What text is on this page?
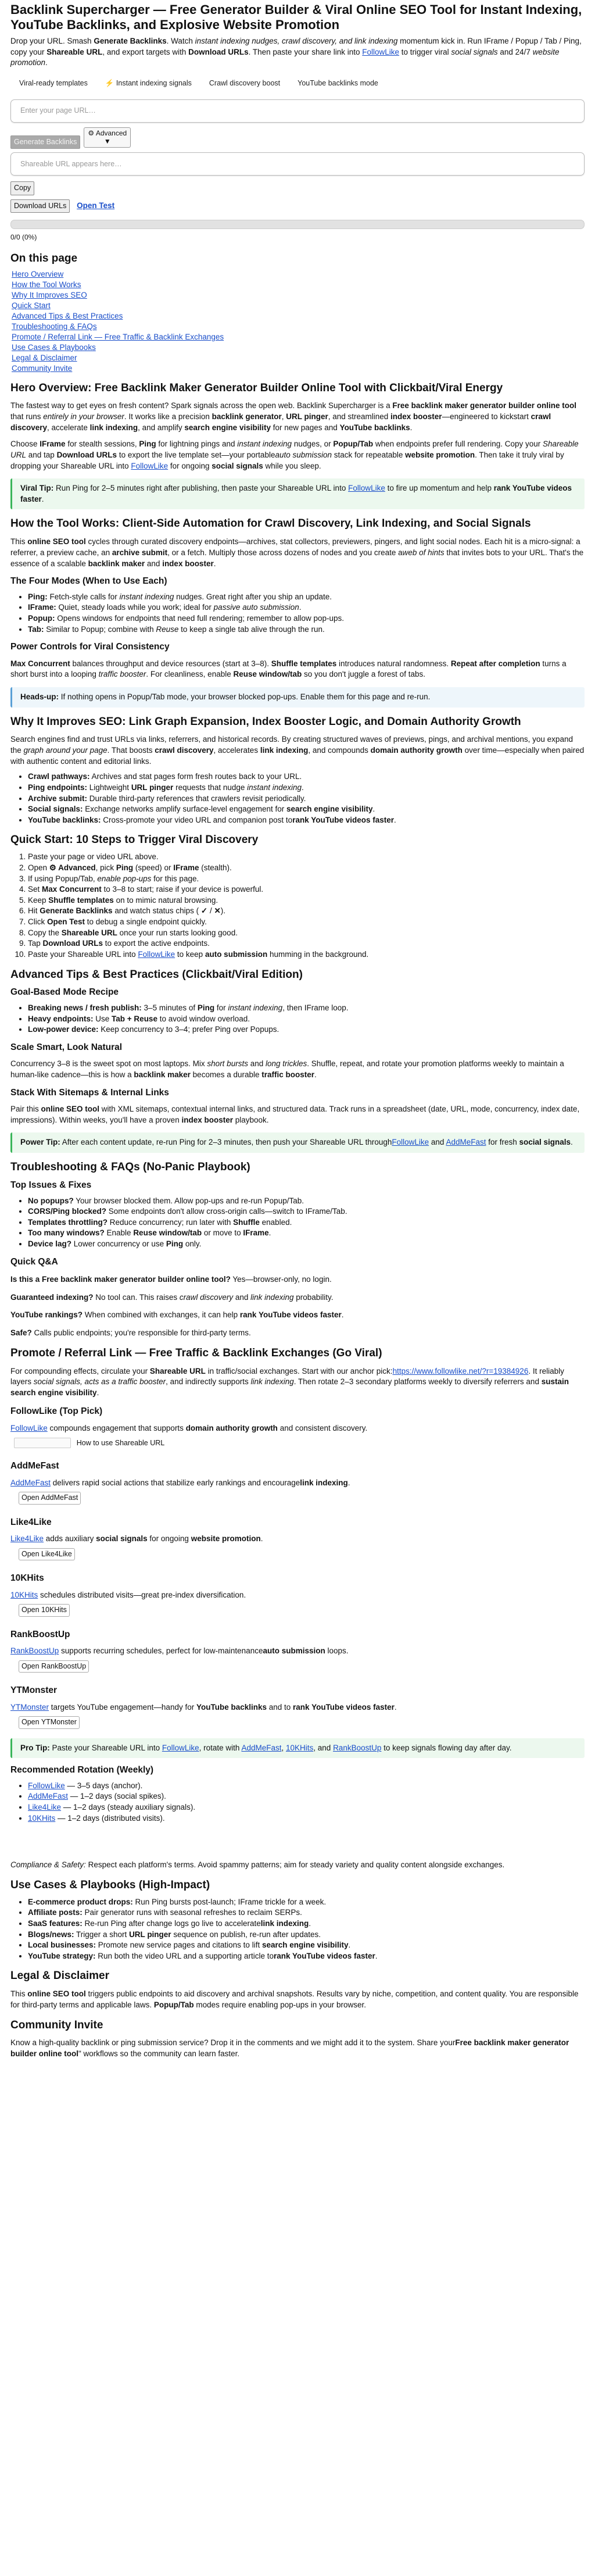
Backlink Supercharger — Free Generator Builder & Viral Online SEO Tool for Instant Indexing, YouTube Backlinks, and Explosive Website Promotion

Drop your URL. Smash Generate Backlinks. Watch instant indexing nudges, crawl discovery, and link indexing momentum kick in. Run IFrame / Popup / Tab / Ping, copy your Shareable URL, and export targets with Download URLs. Then paste your share link into FollowLike to trigger viral social signals and 24/7 website promotion.

Viral-ready templates	⚡ Instant indexing signals	Crawl discovery boost	YouTube backlinks mode
Enter your page URL…
Generate Backlinks
⚙ Advanced
▼
Shareable URL appears here…
Copy
Download URLs Open Test

0/0 (0%)

On this page
Hero Overview
How the Tool Works
Why It Improves SEO
Quick Start
Advanced Tips & Best Practices
Troubleshooting & FAQs
Promote / Referral Link — Free Traffic & Backlink Exchanges
Use Cases & Playbooks
Legal & Disclaimer
Community Invite
Hero Overview: Free Backlink Maker Generator Builder Online Tool with Clickbait/Viral Energy

The fastest way to get eyes on fresh content? Spark signals across the open web. Backlink Supercharger is a Free backlink maker generator builder online tool that runs entirely in your browser. It works like a precision backlink generator, URL pinger, and streamlined index booster—engineered to kickstart crawl discovery, accelerate link indexing, and amplify search engine visibility for new pages and YouTube backlinks.

Choose IFrame for stealth sessions, Ping for lightning pings and instant indexing nudges, or Popup/Tab when endpoints prefer full rendering. Copy your Shareable URL and tap Download URLs to export the live template set—your portableauto submission stack for repeatable website promotion. Then take it truly viral by dropping your Shareable URL into FollowLike for ongoing social signals while you sleep.

Viral Tip: Run Ping for 2–5 minutes right after publishing, then paste your Shareable URL into FollowLike to fire up momentum and help rank YouTube videos faster.
How the Tool Works: Client-Side Automation for Crawl Discovery, Link Indexing, and Social Signals

This online SEO tool cycles through curated discovery endpoints—archives, stat collectors, previewers, pingers, and light social nodes. Each hit is a micro-signal: a referrer, a preview cache, an archive submit, or a fetch. Multiply those across dozens of nodes and you create aweb of hints that invites bots to your URL. That's the essence of a scalable backlink maker and index booster.

The Four Modes (When to Use Each)
• Ping: Fetch-style calls for instant indexing nudges. Great right after you ship an update.
• IFrame: Quiet, steady loads while you work; ideal for passive auto submission.
• Popup: Opens windows for endpoints that need full rendering; remember to allow pop-ups.
• Tab: Similar to Popup; combine with Reuse to keep a single tab alive through the run.
Power Controls for Viral Consistency

Max Concurrent balances throughput and device resources (start at 3–8). Shuffle templates introduces natural randomness. Repeat after completion turns a short burst into a looping traffic booster. For cleanliness, enable Reuse window/tab so you don't juggle a forest of tabs.

Heads-up: If nothing opens in Popup/Tab mode, your browser blocked pop-ups. Enable them for this page and re-run.
Why It Improves SEO: Link Graph Expansion, Index Booster Logic, and Domain Authority Growth

Search engines find and trust URLs via links, referrers, and historical records. By creating structured waves of previews, pings, and archival mentions, you expand the graph around your page. That boosts crawl discovery, accelerates link indexing, and compounds domain authority growth over time—especially when paired with authentic content and editorial links.

• Crawl pathways: Archives and stat pages form fresh routes back to your URL.
• Ping endpoints: Lightweight URL pinger requests that nudge instant indexing.
• Archive submit: Durable third-party references that crawlers revisit periodically.
• Social signals: Exchange networks amplify surface-level engagement for search engine visibility.
• YouTube backlinks: Cross-promote your video URL and companion post torank YouTube videos faster.
Quick Start: 10 Steps to Trigger Viral Discovery
1. Paste your page or video URL above.
2. Open ⚙ Advanced, pick Ping (speed) or IFrame (stealth).
3. If using Popup/Tab, enable pop-ups for this page.
4. Set Max Concurrent to 3–8 to start; raise if your device is powerful.
5. Keep Shuffle templates on to mimic natural browsing.
6. Hit Generate Backlinks and watch status chips ( ✓ / ✕).
7. Click Open Test to debug a single endpoint quickly.
8. Copy the Shareable URL once your run starts looking good.
9. Tap Download URLs to export the active endpoints.
10. Paste your Shareable URL into FollowLike to keep auto submission humming in the background.
Advanced Tips & Best Practices (Clickbait/Viral Edition)
Goal-Based Mode Recipe
• Breaking news / fresh publish: 3–5 minutes of Ping for instant indexing, then IFrame loop.
• Heavy endpoints: Use Tab + Reuse to avoid window overload.
• Low-power device: Keep concurrency to 3–4; prefer Ping over Popups.
Scale Smart, Look Natural

Concurrency 3–8 is the sweet spot on most laptops. Mix short bursts and long trickles. Shuffle, repeat, and rotate your promotion platforms weekly to maintain a human-like cadence—this is how a backlink maker becomes a durable traffic booster.

Stack With Sitemaps & Internal Links

Pair this online SEO tool with XML sitemaps, contextual internal links, and structured data. Track runs in a spreadsheet (date, URL, mode, concurrency, index date, impressions). Within weeks, you'll have a proven index booster playbook.

Power Tip: After each content update, re-run Ping for 2–3 minutes, then push your Shareable URL throughFollowLike and AddMeFast for fresh social signals.
Troubleshooting & FAQs (No-Panic Playbook)
Top Issues & Fixes
• No popups? Your browser blocked them. Allow pop-ups and re-run Popup/Tab.
• CORS/Ping blocked? Some endpoints don't allow cross-origin calls—switch to IFrame/Tab.
• Templates throttling? Reduce concurrency; run later with Shuffle enabled.
• Too many windows? Enable Reuse window/tab or move to IFrame.
• Device lag? Lower concurrency or use Ping only.
Quick Q&A

Is this a Free backlink maker generator builder online tool? Yes—browser-only, no login.

Guaranteed indexing? No tool can. This raises crawl discovery and link indexing probability.

YouTube rankings? When combined with exchanges, it can help rank YouTube videos faster.

Safe? Calls public endpoints; you're responsible for third-party terms.

Promote / Referral Link — Free Traffic & Backlink Exchanges (Go Viral)

For compounding effects, circulate your Shareable URL in traffic/social exchanges. Start with our anchor pick:https://www.followlike.net/?r=19384926. It reliably layers social signals, acts as a traffic booster, and indirectly supports link indexing. Then rotate 2–3 secondary platforms weekly to diversify referrers and sustain search engine visibility.

FollowLike (Top Pick)

FollowLike compounds engagement that supports domain authority growth and consistent discovery.

How to use Shareable URL

AddMeFast

AddMeFast delivers rapid social actions that stabilize early rankings and encouragelink indexing.

Open AddMeFast

Like4Like

Like4Like adds auxiliary social signals for ongoing website promotion.

Open Like4Like

10KHits

10KHits schedules distributed visits—great pre-index diversification.

Open 10KHits

RankBoostUp

RankBoostUp supports recurring schedules, perfect for low-maintenanceauto submission loops.

Open RankBoostUp

YTMonster

YTMonster targets YouTube engagement—handy for YouTube backlinks and to rank YouTube videos faster.

Open YTMonster

Pro Tip: Paste your Shareable URL into FollowLike, rotate with AddMeFast, 10KHits, and RankBoostUp to keep signals flowing day after day.
Recommended Rotation (Weekly)
• FollowLike — 3–5 days (anchor).
• AddMeFast — 1–2 days (social spikes).
• Like4Like — 1–2 days (steady auxiliary signals).
• 10KHits — 1–2 days (distributed visits).

Compliance & Safety: Respect each platform's terms. Avoid spammy patterns; aim for steady variety and quality content alongside exchanges.

Use Cases & Playbooks (High-Impact)
• E-commerce product drops: Run Ping bursts post-launch; IFrame trickle for a week.
• Affiliate posts: Pair generator runs with seasonal refreshes to reclaim SERPs.
• SaaS features: Re-run Ping after change logs go live to acceleratelink indexing.
• Blogs/news: Trigger a short URL pinger sequence on publish, re-run after updates.
• Local businesses: Promote new service pages and citations to lift search engine visibility.
• YouTube strategy: Run both the video URL and a supporting article torank YouTube videos faster.
Legal & Disclaimer

This online SEO tool triggers public endpoints to aid discovery and archival snapshots. Results vary by niche, competition, and content quality. You are responsible for third-party terms and applicable laws. Popup/Tab modes require enabling pop-ups in your browser.

Community Invite

Know a high-quality backlink or ping submission service? Drop it in the comments and we might add it to the system. Share yourFree backlink maker generator builder online tool" workflows so the community can learn faster.
